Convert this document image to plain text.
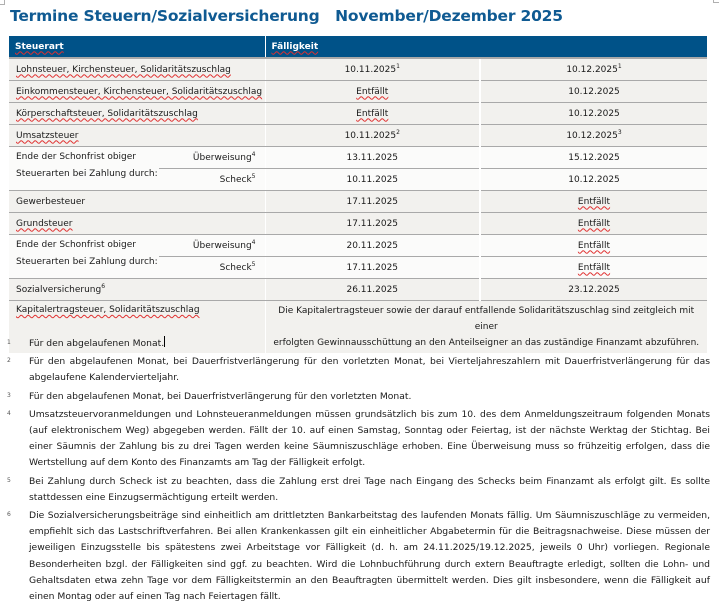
Termine Steuern/Sozialversicherung   November/Dezember 2025
Steuerart		Fälligkeit	
Lohnsteuer, Kirchensteuer, Solidaritätszuschlag		10.11.2025$^1$	10.12.2025$^1$
Einkommensteuer, Kirchensteuer, Solidaritätszuschlag		Entfällt	10.12.2025
Körperschaftsteuer, Solidaritätszuschlag		Entfällt	10.12.2025
Umsatzsteuer		10.11.2025$^2$	10.12.2025$^3$

Ende der Schonfrist obiger
Steuerarten bei Zahlung durch:	Überweisung$^4$	13.11.2025	15.12.2025
	Scheck$^5$	10.11.2025	10.12.2025
Gewerbesteuer		17.11.2025	Entfällt
Grundsteuer		17.11.2025	Entfällt

Ende der Schonfrist obiger
Steuerarten bei Zahlung durch:	Überweisung$^4$	20.11.2025	Entfällt
	Scheck$^5$	17.11.2025	Entfällt
Sozialversicherung$^6$		26.11.2025	23.12.2025
Kapitalertragsteuer, Solidaritätszuschlag		Die Kapitalertragsteuer sowie der darauf entfallende Solidaritätszuschlag sind zeitgleich mit einer
erfolgten Gewinnausschüttung an den Anteilseigner an das zuständige Finanzamt abzuführen.	
1	Für den abgelaufenen Monat.
2	Für den abgelaufenen Monat, bei Dauerfristverlängerung für den vorletzten Monat, bei Vierteljahreszahlern mit Dauerfristverlängerung für das abgelaufene Kalendervierteljahr.
3	Für den abgelaufenen Monat, bei Dauerfristverlängerung für den vorletzten Monat.
4	Umsatzsteuervoranmeldungen und Lohnsteueranmeldungen müssen grundsätzlich bis zum 10. des dem Anmeldungszeitraum folgenden Monats (auf elektronischem Weg) abgegeben werden. Fällt der 10. auf einen Samstag, Sonntag oder Feiertag, ist der nächste Werktag der Stichtag. Bei einer Säumnis der Zahlung bis zu drei Tagen werden keine Säumniszuschläge erhoben. Eine Überweisung muss so frühzeitig erfolgen, dass die Wertstellung auf dem Konto des Finanzamts am Tag der Fälligkeit erfolgt.
5	Bei Zahlung durch Scheck ist zu beachten, dass die Zahlung erst drei Tage nach Eingang des Schecks beim Finanzamt als erfolgt gilt. Es sollte stattdessen eine Einzugsermächtigung erteilt werden.
6	Die Sozialversicherungsbeiträge sind einheitlich am drittletzten Bankarbeitstag des laufenden Monats fällig. Um Säumniszuschläge zu vermeiden, empfiehlt sich das Lastschriftverfahren. Bei allen Krankenkassen gilt ein einheitlicher Abgabetermin für die Beitragsnachweise. Diese müssen der jeweiligen Einzugsstelle bis spätestens zwei Arbeitstage vor Fälligkeit (d. h. am 24.11.2025/19.12.2025, jeweils 0 Uhr) vorliegen. Regionale Besonderheiten bzgl. der Fälligkeiten sind ggf. zu beachten. Wird die Lohnbuchführung durch extern Beauftragte erledigt, sollten die Lohn- und Gehaltsdaten etwa zehn Tage vor dem Fälligkeitstermin an den Beauftragten übermittelt werden. Dies gilt insbesondere, wenn die Fälligkeit auf einen Montag oder auf einen Tag nach Feiertagen fällt.
